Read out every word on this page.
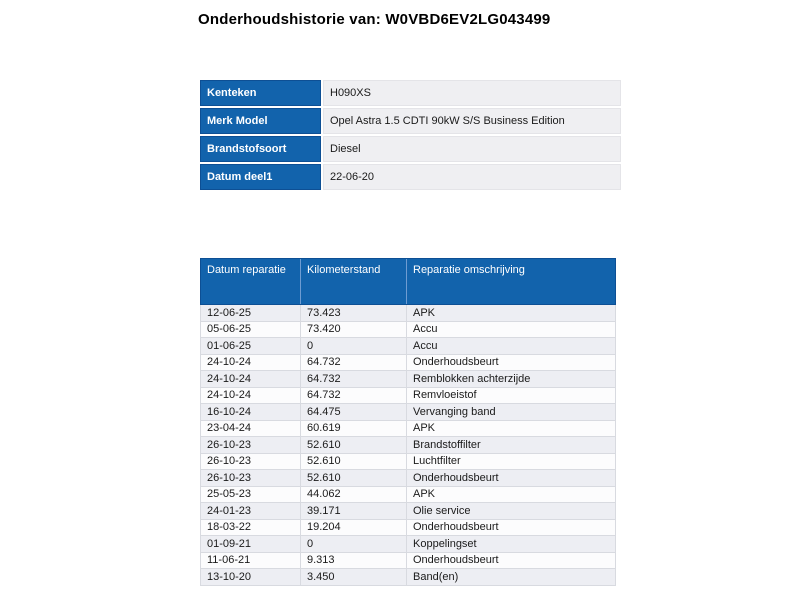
Onderhoudshistorie van: W0VBD6EV2LG043499
Kenteken	H090XS
Merk Model	Opel Astra 1.5 CDTI 90kW S/S Business Edition
Brandstofsoort	Diesel
Datum deel1	22-06-20
Datum reparatie	Kilometerstand	Reparatie omschrijving
12-06-25	73.423	APK
05-06-25	73.420	Accu
01-06-25	0	Accu
24-10-24	64.732	Onderhoudsbeurt
24-10-24	64.732	Remblokken achterzijde
24-10-24	64.732	Remvloeistof
16-10-24	64.475	Vervanging band
23-04-24	60.619	APK
26-10-23	52.610	Brandstoffilter
26-10-23	52.610	Luchtfilter
26-10-23	52.610	Onderhoudsbeurt
25-05-23	44.062	APK
24-01-23	39.171	Olie service
18-03-22	19.204	Onderhoudsbeurt
01-09-21	0	Koppelingset
11-06-21	9.313	Onderhoudsbeurt
13-10-20	3.450	Band(en)
